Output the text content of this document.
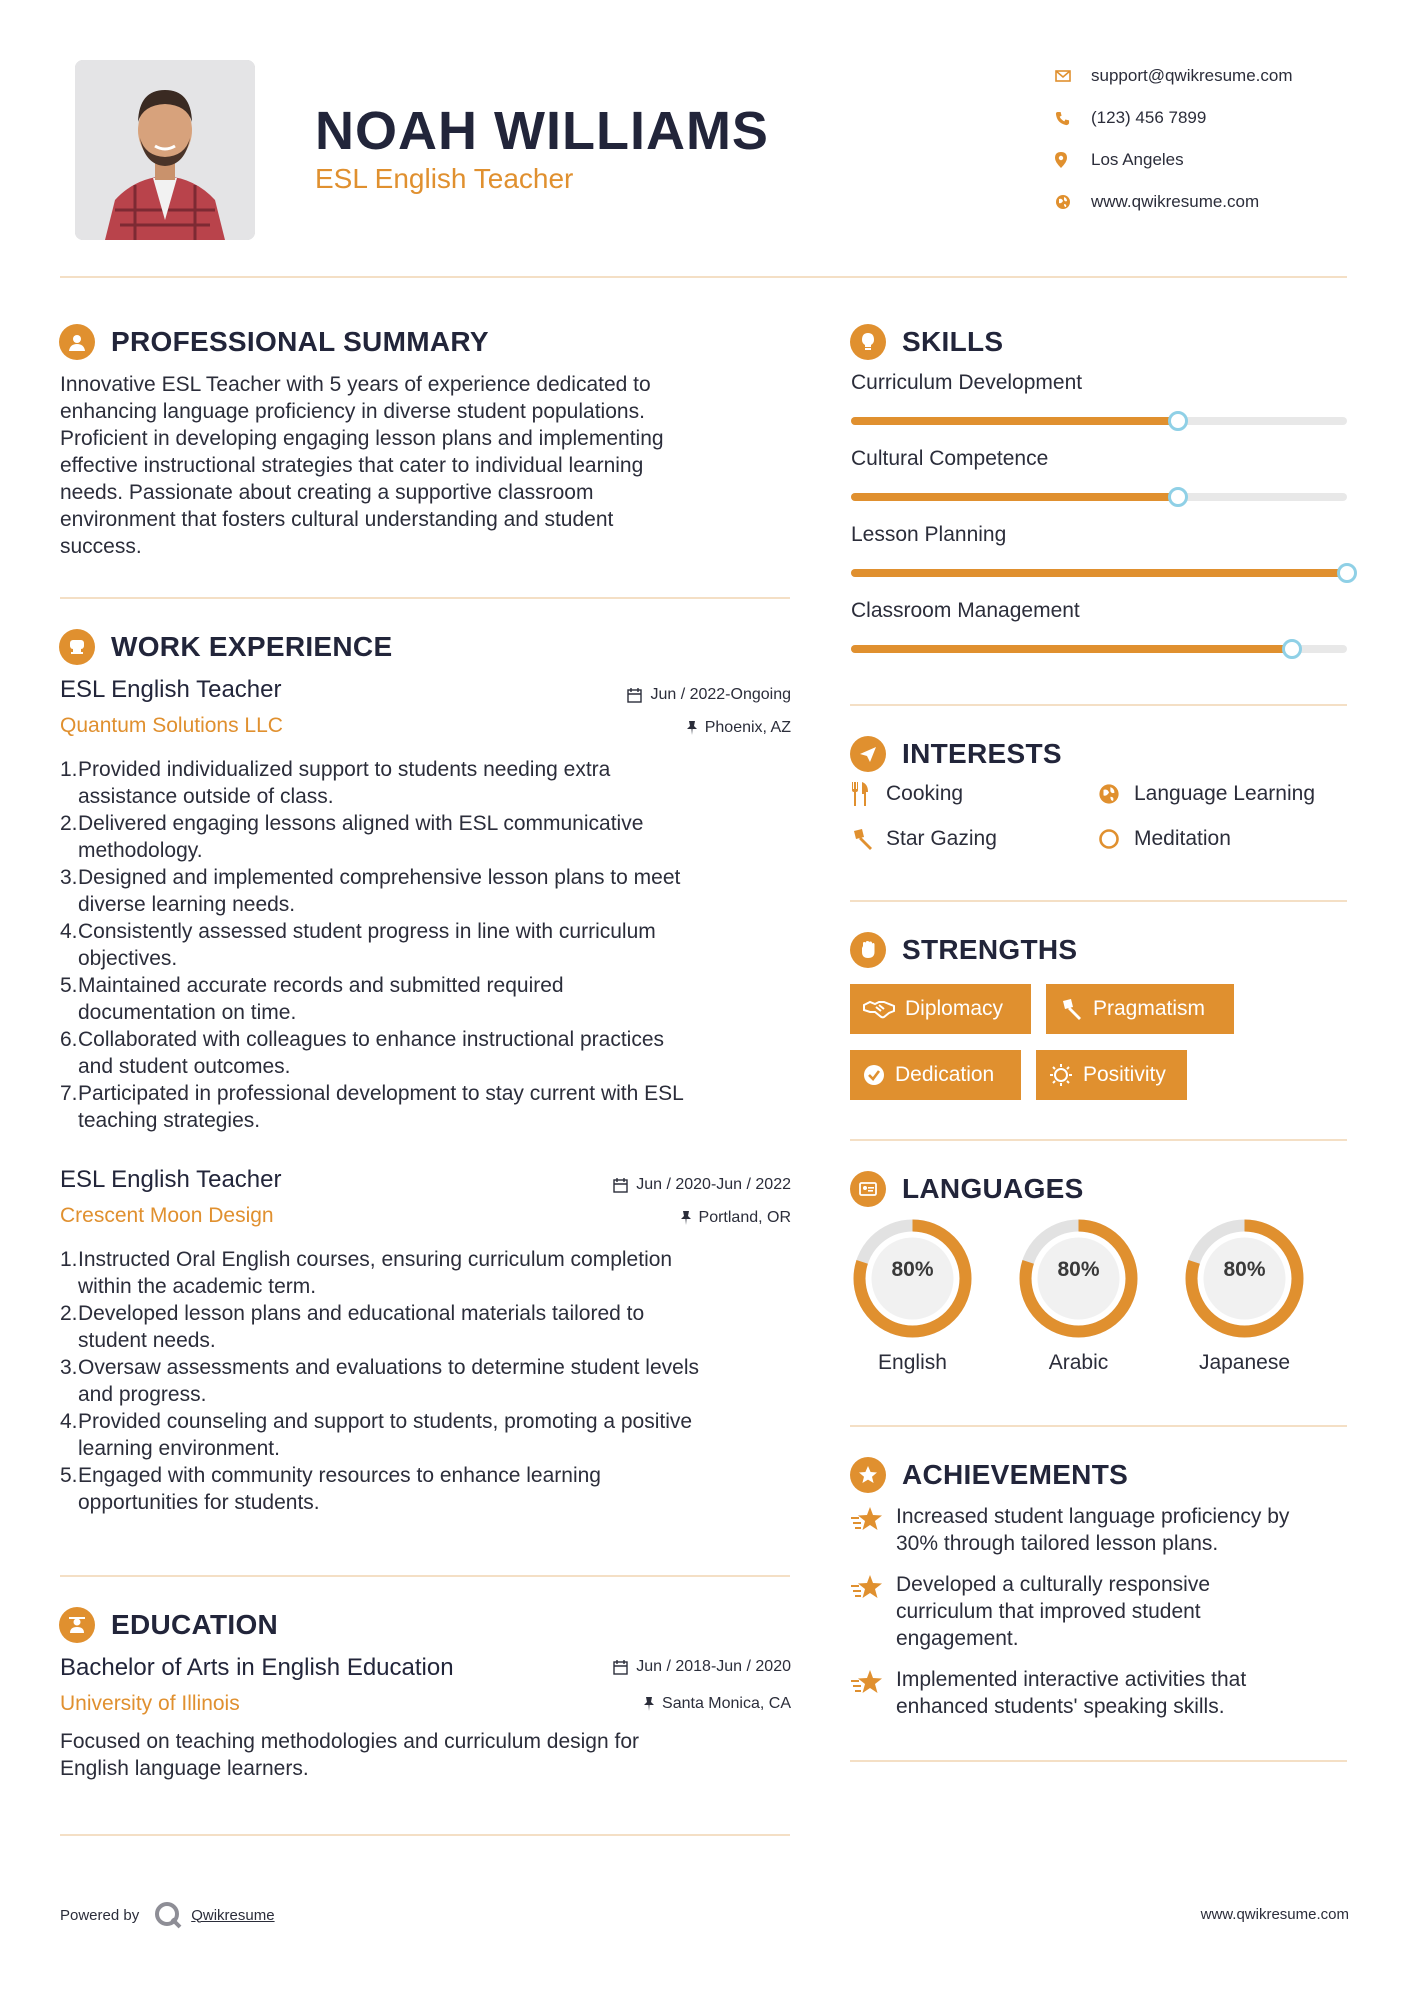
NOAH WILLIAMS
ESL English Teacher
support@qwikresume.com
(123) 456 7899
Los Angeles
www.qwikresume.com
PROFESSIONAL SUMMARY
Innovative ESL Teacher with 5 years of experience dedicated to
enhancing language proficiency in diverse student populations.
Proficient in developing engaging lesson plans and implementing
effective instructional strategies that cater to individual learning
needs. Passionate about creating a supportive classroom
environment that fosters cultural understanding and student
success.
WORK EXPERIENCE
ESL English Teacher
Quantum Solutions LLC
Jun / 2022-Ongoing
Phoenix, AZ
1. Provided individualized support to students needing extra
assistance outside of class.
2. Delivered engaging lessons aligned with ESL communicative
methodology.
3. Designed and implemented comprehensive lesson plans to meet
diverse learning needs.
4. Consistently assessed student progress in line with curriculum
objectives.
5. Maintained accurate records and submitted required
documentation on time.
6. Collaborated with colleagues to enhance instructional practices
and student outcomes.
7. Participated in professional development to stay current with ESL
teaching strategies.
ESL English Teacher
Crescent Moon Design
Jun / 2020-Jun / 2022
Portland, OR
1. Instructed Oral English courses, ensuring curriculum completion
within the academic term.
2. Developed lesson plans and educational materials tailored to
student needs.
3. Oversaw assessments and evaluations to determine student levels
and progress.
4. Provided counseling and support to students, promoting a positive
learning environment.
5. Engaged with community resources to enhance learning
opportunities for students.
EDUCATION
Bachelor of Arts in English Education
University of Illinois
Jun / 2018-Jun / 2020
Santa Monica, CA
Focused on teaching methodologies and curriculum design for
English language learners.
SKILLS
Curriculum Development
Cultural Competence
Lesson Planning
Classroom Management
INTERESTS
Cooking	Language Learning
Star Gazing	Meditation
STRENGTHS
Diplomacy	Pragmatism
Dedication	Positivity
LANGUAGES
80%
English
80%
Arabic
80%
Japanese
ACHIEVEMENTS
Increased student language proficiency by
30% through tailored lesson plans.
Developed a culturally responsive
curriculum that improved student
engagement.
Implemented interactive activities that
enhanced students' speaking skills.
Powered by	Qwikresume	www.qwikresume.com
